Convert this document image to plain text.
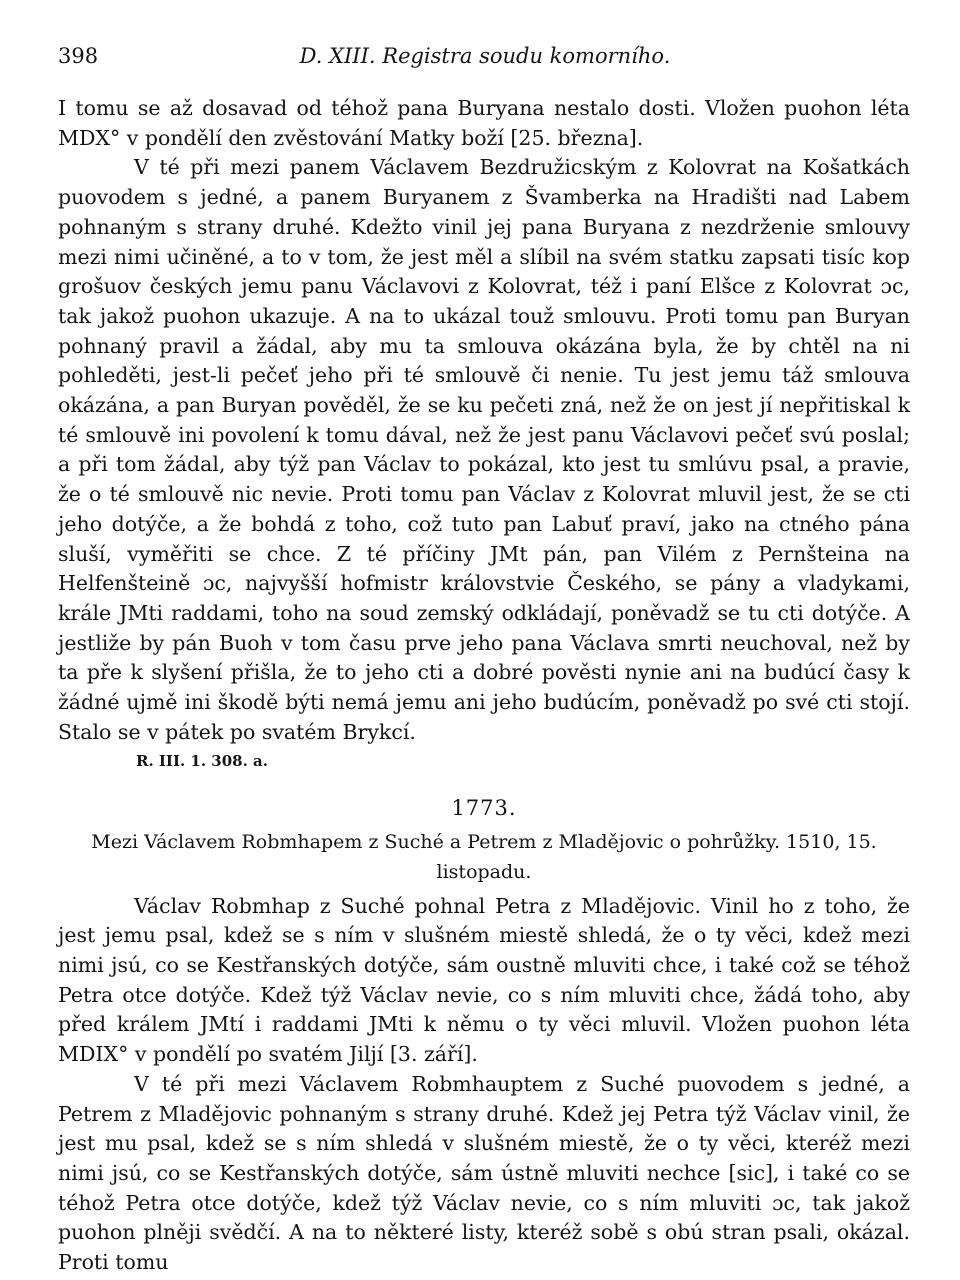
398	D. XIII. Registra soudu komorního.

I tomu se až dosavad od téhož pana Buryana nestalo dosti. Vložen puohon léta MDX° v pondělí den zvěstování Matky boží [25. března].

V té při mezi panem Václavem Bezdružicským z Kolovrat na Košatkách puovodem s jedné, a panem Buryanem z Švamberka na Hradišti nad Labem pohnaným s strany druhé. Kdežto vinil jej pana Buryana z nezdrženie smlouvy mezi nimi učiněné, a to v tom, že jest měl a slíbil na svém statku zapsati tisíc kop grošuov českých jemu panu Václavovi z Kolovrat, též i paní Elšce z Kolovrat ɔc, tak jakož puohon ukazuje. A na to ukázal touž smlouvu. Proti tomu pan Buryan pohnaný pravil a žádal, aby mu ta smlouva okázána byla, že by chtěl na ni pohleděti, jest-li pečeť jeho při té smlouvě či nenie. Tu jest jemu táž smlouva okázána, a pan Buryan pověděl, že se ku pečeti zná, než že on jest jí nepřitiskal k té smlouvě ini povolení k tomu dával, než že jest panu Václavovi pečeť svú poslal; a při tom žádal, aby týž pan Václav to pokázal, kto jest tu smlúvu psal, a pravie, že o té smlouvě nic nevie. Proti tomu pan Václav z Kolovrat mluvil jest, že se cti jeho dotýče, a že bohdá z toho, což tuto pan Labuť praví, jako na ctného pána sluší, vyměřiti se chce. Z té příčiny JMt pán, pan Vilém z Pernšteina na Helfenšteině ɔc, najvyšší hofmistr královstvie Českého, se pány a vladykami, krále JMti raddami, toho na soud zemský odkládají, poněvadž se tu cti dotýče. A jestliže by pán Buoh v tom času prve jeho pana Václava smrti neuchoval, než by ta pře k slyšení přišla, že to jeho cti a dobré pověsti nynie ani na budúcí časy k žádné ujmě ini škodě býti nemá jemu ani jeho budúcím, poněvadž po své cti stojí. Stalo se v pátek po svatém Brykcí.

R. III. 1. 308. a.

1773.

Mezi Václavem Robmhapem z Suché a Petrem z Mladějovic o pohrůžky. 1510, 15. listopadu.

Václav Robmhap z Suché pohnal Petra z Mladějovic. Vinil ho z toho, že jest jemu psal, kdež se s ním v slušném miestě shledá, že o ty věci, kdež mezi nimi jsú, co se Kestřanských dotýče, sám oustně mluviti chce, i také což se téhož Petra otce dotýče. Kdež týž Václav nevie, co s ním mluviti chce, žádá toho, aby před králem JMtí i raddami JMti k němu o ty věci mluvil. Vložen puohon léta MDIX° v pondělí po svatém Jiljí [3. září].

V té při mezi Václavem Robmhauptem z Suché puovodem s jedné, a Petrem z Mladějovic pohnaným s strany druhé. Kdež jej Petra týž Václav vinil, že jest mu psal, kdež se s ním shledá v slušném miestě, že o ty věci, kteréž mezi nimi jsú, co se Kestřanských dotýče, sám ústně mluviti nechce [sic], i také co se téhož Petra otce dotýče, kdež týž Václav nevie, co s ním mluviti ɔc, tak jakož puohon plněji svědčí. A na to některé listy, kteréž sobě s obú stran psali, okázal. Proti tomu
